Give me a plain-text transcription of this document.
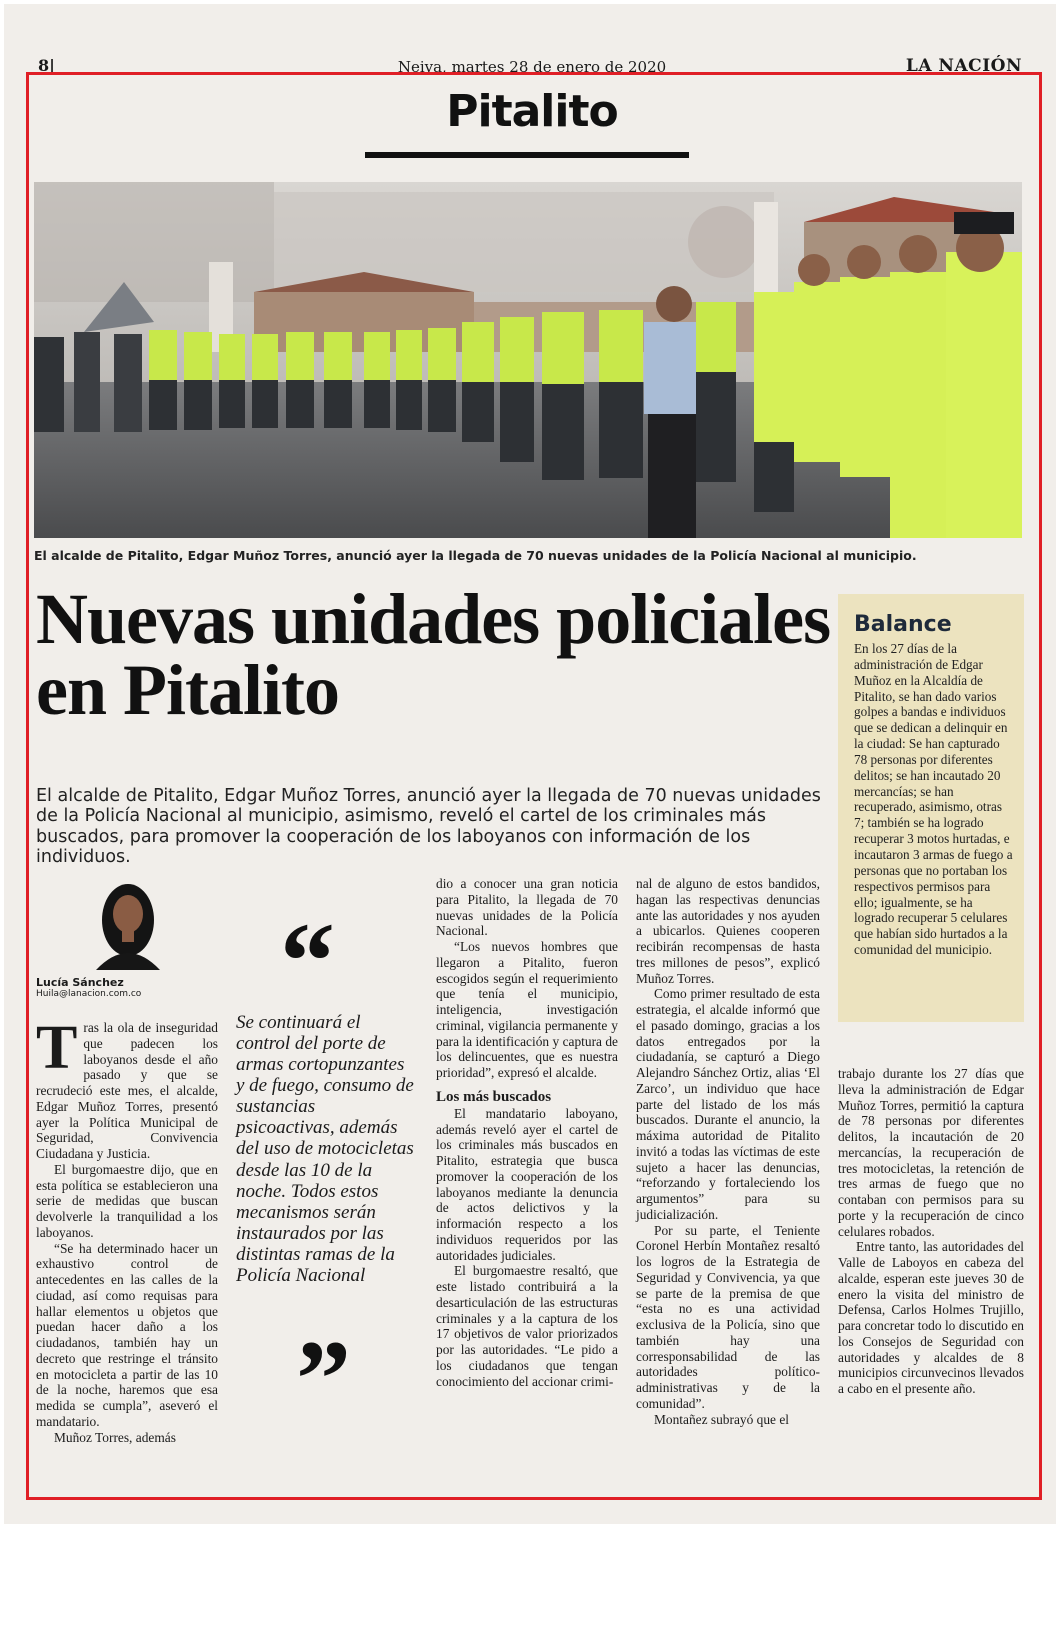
8|	Neiva, martes 28 de enero de 2020	LA NACIÓN
Pitalito
El alcalde de Pitalito, Edgar Muñoz Torres, anunció ayer la llegada de 70 nuevas unidades de la Policía Nacional al municipio.
Nuevas unidades policiales en Pitalito

El alcalde de Pitalito, Edgar Muñoz Torres, anunció ayer la llegada de 70 nuevas unidades de la Policía Nacional al municipio, asimismo, reveló el cartel de los criminales más buscados, para promover la cooperación de los laboyanos con información de los individuos.

Balance

En los 27 días de la administración de Edgar Muñoz en la Alcaldía de Pitalito, se han dado varios golpes a bandas e individuos que se dedican a delinquir en la ciudad: Se han capturado 78 personas por diferentes delitos; se han incautado 20 mercancías; se han recuperado, asimismo, otras 7; también se ha logrado recuperar 3 motos hurtadas, e incautaron 3 armas de fuego a personas que no portaban los respectivos permisos para ello; igualmente, se ha logrado recuperar 5 celulares que habían sido hurtados a la comunidad del municipio.

Lucía Sánchez
Huila@lanacion.com.co

Tras la ola de inseguridad que padecen los laboyanos desde el año pasado y que se recrudeció este mes, el alcalde, Edgar Muñoz Torres, presentó ayer la Política Municipal de Seguridad, Convivencia Ciudadana y Justicia.

El burgomaestre dijo, que en esta política se establecieron una serie de medidas que buscan devolverle la tranquilidad a los laboyanos.

“Se ha determinado hacer un exhaustivo control de antecedentes en las calles de la ciudad, así como requisas para hallar elementos u objetos que puedan hacer daño a los ciudadanos, también hay un decreto que restringe el tránsito en motocicleta a partir de las 10 de la noche, haremos que esa medida se cumpla”, aseveró el mandatario.

Muñoz Torres, además

“

Se continuará el control del porte de armas cortopunzantes y de fuego, consumo de sustancias psicoactivas, además del uso de motocicletas desde las 10 de la noche. Todos estos mecanismos serán instaurados por las distintas ramas de la Policía Nacional

”

dio a conocer una gran noticia para Pitalito, la llegada de 70 nuevas unidades de la Policía Nacional.

“Los nuevos hombres que llegaron a Pitalito, fueron escogidos según el requerimiento que tenía el municipio, inteligencia, investigación criminal, vigilancia permanente y para la identificación y captura de los delincuentes, que es nuestra prioridad”, expresó el alcalde.

Los más buscados

El mandatario laboyano, además reveló ayer el cartel de los criminales más buscados en Pitalito, estrategia que busca promover la cooperación de los laboyanos mediante la denuncia de actos delictivos y la información respecto a los individuos requeridos por las autoridades judiciales.

El burgomaestre resaltó, que este listado contribuirá a la desarticulación de las estructuras criminales y a la captura de los 17 objetivos de valor priorizados por las autoridades. “Le pido a los ciudadanos que tengan conocimiento del accionar crimi-

nal de alguno de estos bandidos, hagan las respectivas denuncias ante las autoridades y nos ayuden a ubicarlos. Quienes cooperen recibirán recompensas de hasta tres millones de pesos”, explicó Muñoz Torres.

Como primer resultado de esta estrategia, el alcalde informó que el pasado domingo, gracias a los datos entregados por la ciudadanía, se capturó a Diego Alejandro Sánchez Ortiz, alias ‘El Zarco’, un individuo que hace parte del listado de los más buscados. Durante el anuncio, la máxima autoridad de Pitalito invitó a todas las víctimas de este sujeto a hacer las denuncias, “reforzando y fortaleciendo los argumentos” para su judicialización.

Por su parte, el Teniente Coronel Herbín Montañez resaltó los logros de la Estrategia de Seguridad y Convivencia, ya que se parte de la premisa de que “esta no es una actividad exclusiva de la Policía, sino que también hay una corresponsabilidad de las autoridades político-administrativas y de la comunidad”.

Montañez subrayó que el

trabajo durante los 27 días que lleva la administración de Edgar Muñoz Torres, permitió la captura de 78 personas por diferentes delitos, la incautación de 20 mercancías, la recuperación de tres motocicletas, la retención de tres armas de fuego que no contaban con permisos para su porte y la recuperación de cinco celulares robados.

Entre tanto, las autoridades del Valle de Laboyos en cabeza del alcalde, esperan este jueves 30 de enero la visita del ministro de Defensa, Carlos Holmes Trujillo, para concretar todo lo discutido en los Consejos de Seguridad con autoridades y alcaldes de 8 municipios circunvecinos llevados a cabo en el presente año.
